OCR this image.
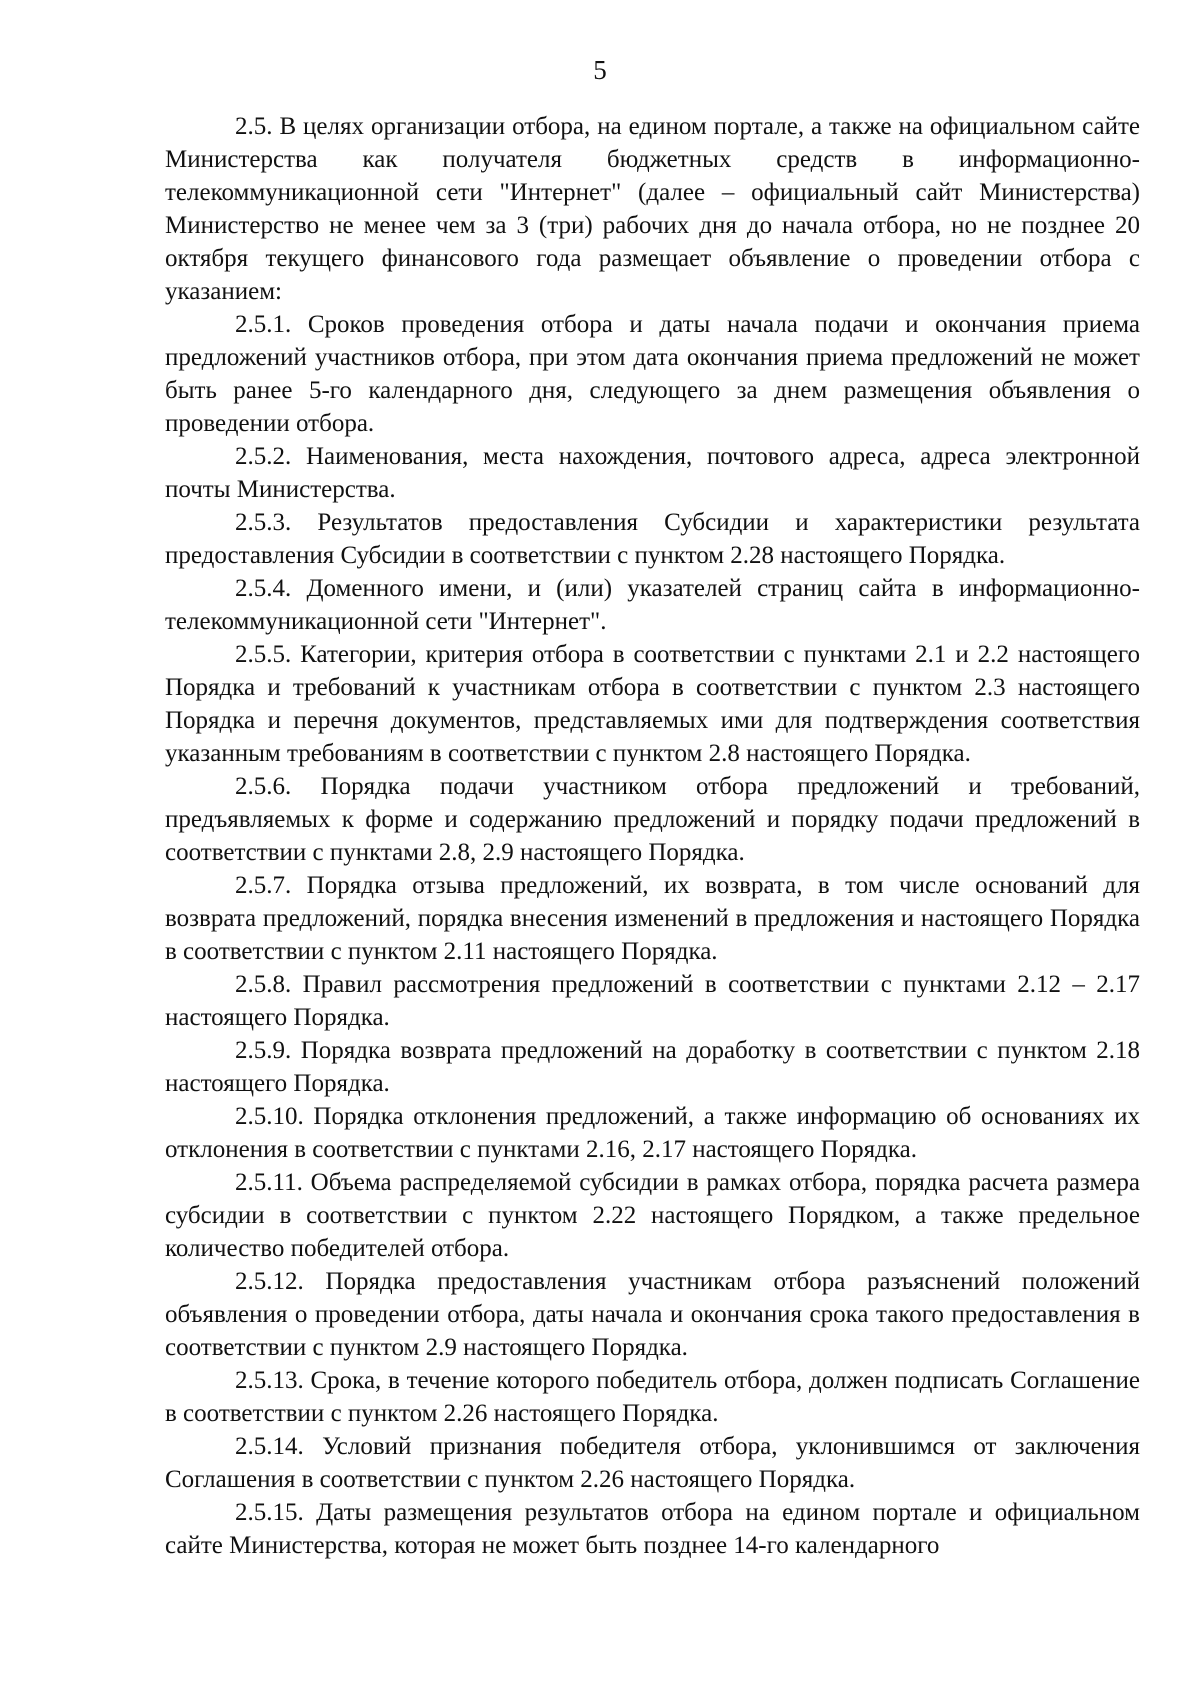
5

2.5. В целях организации отбора, на едином портале, а также на официальном сайте Министерства как получателя бюджетных средств в информационно-телекоммуникационной сети "Интернет" (далее – официальный сайт Министерства) Министерство не менее чем за 3 (три) рабочих дня до начала отбора, но не позднее 20 октября текущего финансового года размещает объявление о проведении отбора с указанием:

2.5.1. Сроков проведения отбора и даты начала подачи и окончания приема предложений участников отбора, при этом дата окончания приема предложений не может быть ранее 5-го календарного дня, следующего за днем размещения объявления о проведении отбора.

2.5.2. Наименования, места нахождения, почтового адреса, адреса электронной почты Министерства.

2.5.3. Результатов предоставления Субсидии и характеристики результата предоставления Субсидии в соответствии с пунктом 2.28 настоящего Порядка.

2.5.4. Доменного имени, и (или) указателей страниц сайта в информационно-телекоммуникационной сети "Интернет".

2.5.5. Категории, критерия отбора в соответствии с пунктами 2.1 и 2.2 настоящего Порядка и требований к участникам отбора в соответствии с пунктом 2.3 настоящего Порядка и перечня документов, представляемых ими для подтверждения соответствия указанным требованиям в соответствии с пунктом 2.8 настоящего Порядка.

2.5.6. Порядка подачи участником отбора предложений и требований, предъявляемых к форме и содержанию предложений и порядку подачи предложений в соответствии с пунктами 2.8, 2.9 настоящего Порядка.

2.5.7. Порядка отзыва предложений, их возврата, в том числе оснований для возврата предложений, порядка внесения изменений в предложения и настоящего Порядка в соответствии с пунктом 2.11 настоящего Порядка.

2.5.8. Правил рассмотрения предложений в соответствии с пунктами 2.12 – 2.17 настоящего Порядка.

2.5.9. Порядка возврата предложений на доработку в соответствии с пунктом 2.18 настоящего Порядка.

2.5.10. Порядка отклонения предложений, а также информацию об основаниях их отклонения в соответствии с пунктами 2.16, 2.17 настоящего Порядка.

2.5.11. Объема распределяемой субсидии в рамках отбора, порядка расчета размера субсидии в соответствии с пунктом 2.22 настоящего Порядком, а также предельное количество победителей отбора.

2.5.12. Порядка предоставления участникам отбора разъяснений положений объявления о проведении отбора, даты начала и окончания срока такого предоставления в соответствии с пунктом 2.9 настоящего Порядка.

2.5.13. Срока, в течение которого победитель отбора, должен подписать Соглашение в соответствии с пунктом 2.26 настоящего Порядка.

2.5.14. Условий признания победителя отбора, уклонившимся от заключения Соглашения в соответствии с пунктом 2.26 настоящего Порядка.

2.5.15. Даты размещения результатов отбора на едином портале и официальном сайте Министерства, которая не может быть позднее 14-го календарного
